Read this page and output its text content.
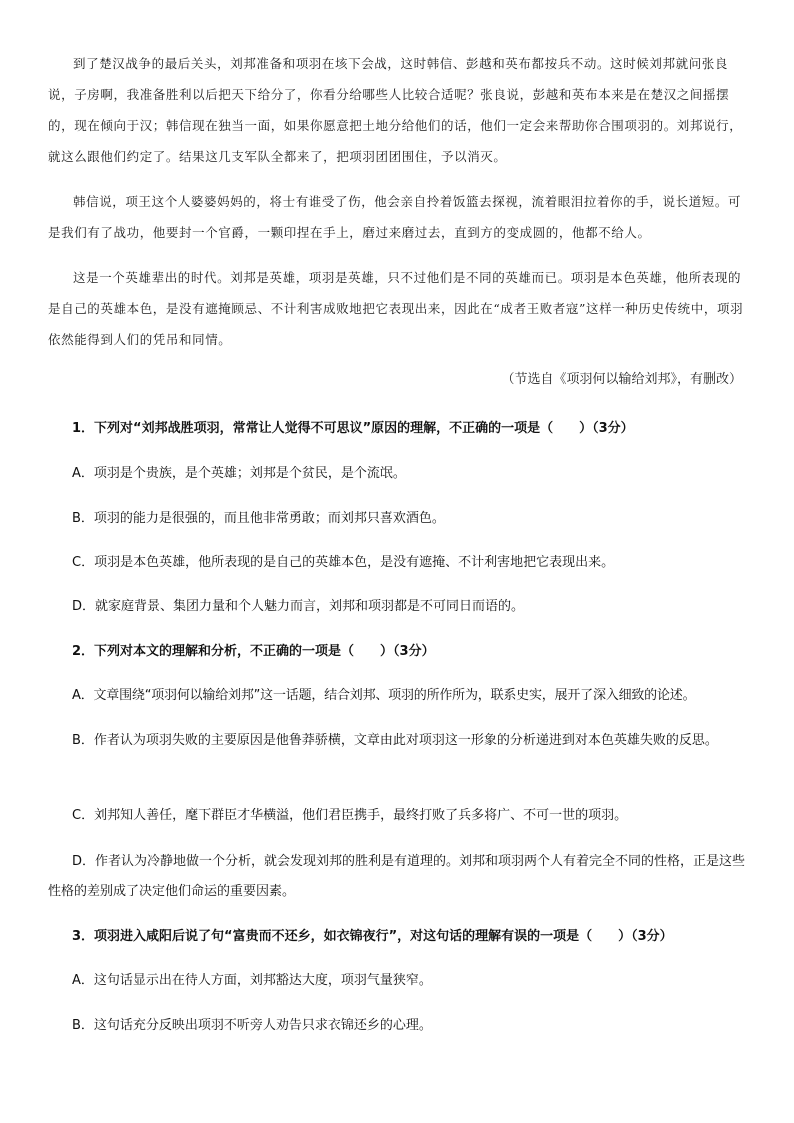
到了楚汉战争的最后关头，刘邦准备和项羽在垓下会战，这时韩信、彭越和英布都按兵不动。这时候刘邦就问张良说，子房啊，我准备胜利以后把天下给分了，你看分给哪些人比较合适呢？张良说，彭越和英布本来是在楚汉之间摇摆的，现在倾向于汉；韩信现在独当一面，如果你愿意把土地分给他们的话，他们一定会来帮助你合围项羽的。刘邦说行，就这么跟他们约定了。结果这几支军队全都来了，把项羽团团围住，予以消灭。

韩信说，项王这个人婆婆妈妈的，将士有谁受了伤，他会亲自拎着饭篮去探视，流着眼泪拉着你的手，说长道短。可是我们有了战功，他要封一个官爵，一颗印捏在手上，磨过来磨过去，直到方的变成圆的，他都不给人。

这是一个英雄辈出的时代。刘邦是英雄，项羽是英雄，只不过他们是不同的英雄而已。项羽是本色英雄，他所表现的是自己的英雄本色，是没有遮掩顾忌、不计利害成败地把它表现出来，因此在“成者王败者寇”这样一种历史传统中，项羽依然能得到人们的凭吊和同情。

（节选自《项羽何以输给刘邦》，有删改）

1．下列对“刘邦战胜项羽，常常让人觉得不可思议”原因的理解，不正确的一项是（　　）（3分）

A．项羽是个贵族，是个英雄；刘邦是个贫民，是个流氓。

B．项羽的能力是很强的，而且他非常勇敢；而刘邦只喜欢酒色。

C．项羽是本色英雄，他所表现的是自己的英雄本色，是没有遮掩、不计利害地把它表现出来。

D．就家庭背景、集团力量和个人魅力而言，刘邦和项羽都是不可同日而语的。

2．下列对本文的理解和分析，不正确的一项是（　　）（3分）

A．文章围绕“项羽何以输给刘邦”这一话题，结合刘邦、项羽的所作所为，联系史实，展开了深入细致的论述。

B．作者认为项羽失败的主要原因是他鲁莽骄横，文章由此对项羽这一形象的分析递进到对本色英雄失败的反思。

C．刘邦知人善任，麾下群臣才华横溢，他们君臣携手，最终打败了兵多将广、不可一世的项羽。

D．作者认为冷静地做一个分析，就会发现刘邦的胜利是有道理的。刘邦和项羽两个人有着完全不同的性格，正是这些性格的差别成了决定他们命运的重要因素。

3．项羽进入咸阳后说了句“富贵而不还乡，如衣锦夜行”，对这句话的理解有误的一项是（　　）（3分）

A．这句话显示出在待人方面，刘邦豁达大度，项羽气量狭窄。

B．这句话充分反映出项羽不听旁人劝告只求衣锦还乡的心理。
